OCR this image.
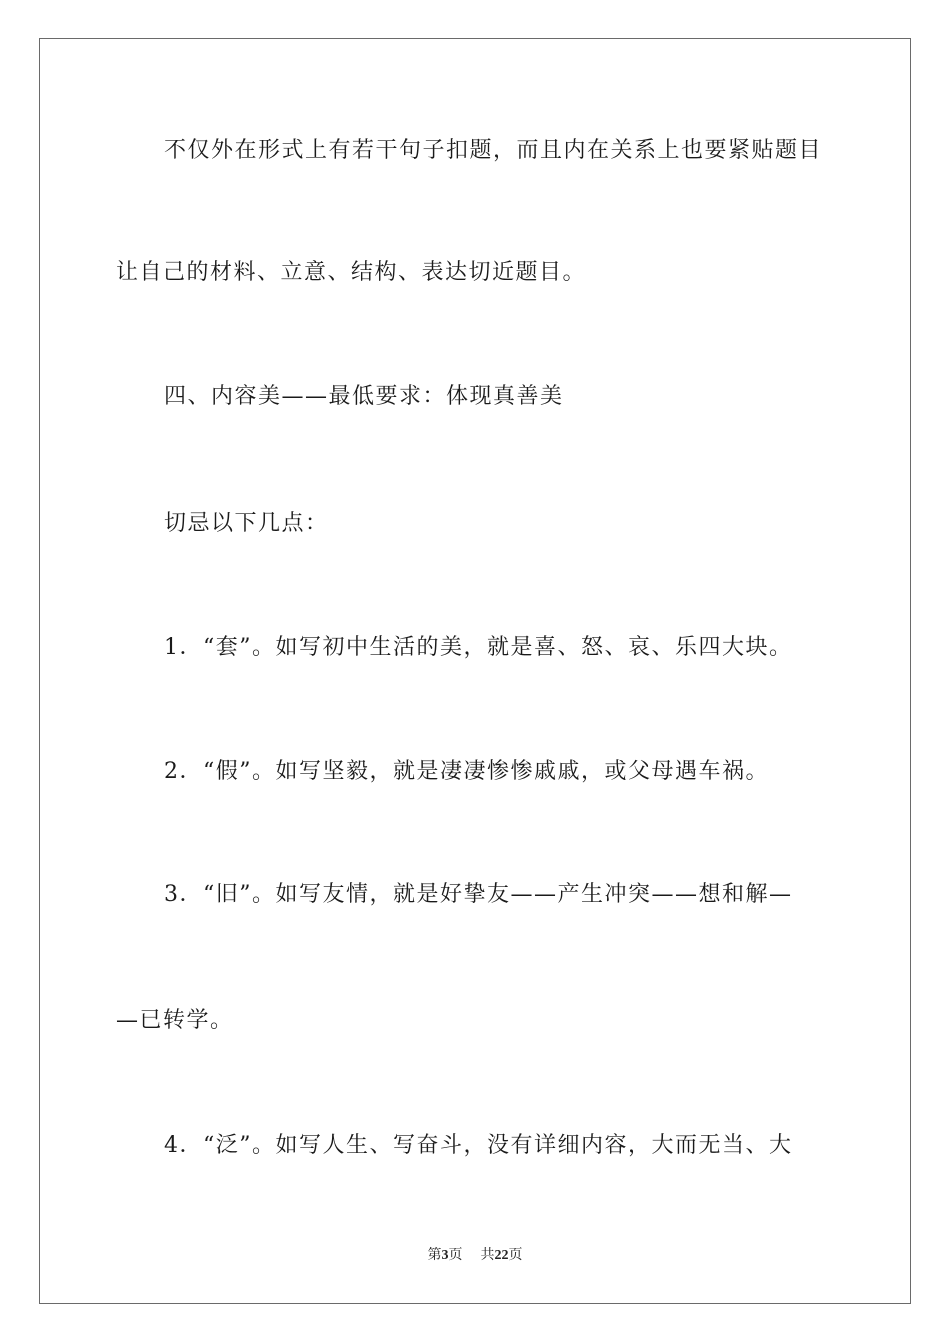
不仅外在形式上有若干句子扣题，而且内在关系上也要紧贴题目
让自己的材料、立意、结构、表达切近题目。
四、内容美——最低要求：体现真善美
切忌以下几点：
1．“套”。如写初中生活的美，就是喜、怒、哀、乐四大块。
2．“假”。如写坚毅，就是凄凄惨惨戚戚，或父母遇车祸。
3．“旧”。如写友情，就是好挚友——产生冲突——想和解—
—已转学。
4．“泛”。如写人生、写奋斗，没有详细内容，大而无当、大
第3页 共22页
